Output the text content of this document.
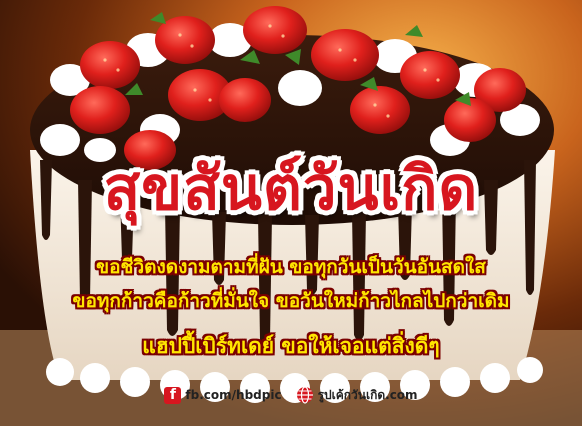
สุขสันต์วันเกิด
ขอชีวิตงดงามตามที่ฝัน ขอทุกวันเป็นวันอันสดใส
ขอทุกก้าวคือก้าวที่มั่นใจ ขอวันใหม่ก้าวไกลไปกว่าเดิม
แฮปปี้เบิร์ทเดย์ ขอให้เจอแต่สิ่งดีๆ
f fb.com/hbdpic	รูปเค้กวันเกิด.com
